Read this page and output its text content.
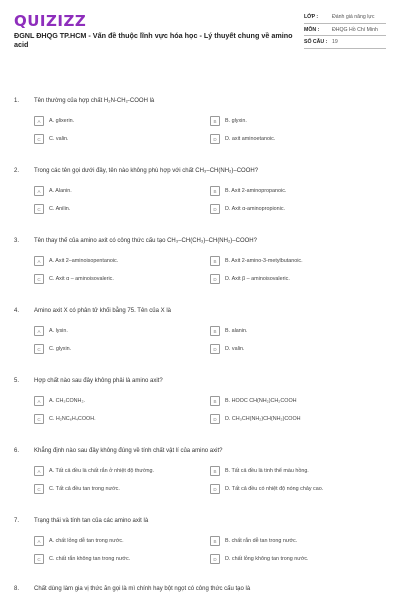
QUIZIZZ
ĐGNL ĐHQG TP.HCM - Vấn đề thuộc lĩnh vực hóa học - Lý thuyết chung về amino acid
LỚP :	Đánh giá năng lực
MÔN :	ĐHQG Hồ Chí Minh
SỐ CÂU : 19
1.	Tên thường của hợp chất H₂N-CH₂-COOH là
A	A. glixerin.	B	B. glyxin.
C	C. valin.	D	D. axit aminoetanoic.
2.	Trong các tên gọi dưới đây, tên nào không phù hợp với chất CH₃–CH(NH₂)–COOH?
A	A. Alanin.	B	B. Axit 2-aminopropanoic.
C	C. Anilin.	D	D. Axit α-aminopropionic.
3.	Tên thay thế của amino axit có công thức cấu tạo CH₃–CH(CH₃)–CH(NH₂)–COOH?
A	A. Axit 2–aminoisopentanoic.	B	B. Axit 2-amino-3-metylbutanoic.
C	C. Axit α – aminoisovaleric.	D	D. Axit β – aminoisovaleric.
4.	Amino axit X có phân tử khối bằng 75. Tên của X là
A	A. lysin.	B	B. alanin.
C	C. glyxin.	D	D. valin.
5.	Hợp chất nào sau đây không phải là amino axit?
A	A. CH₃CONH₂.	B	B. HOOC CH(NH₂)CH₂COOH
C	C. H₂NC₆H₄COOH.	D	D. CH₃CH(NH₂)CH(NH₂)COOH
6.	Khẳng định nào sau đây không đúng về tính chất vật lí của amino axit?
A	A. Tất cả đều là chất rắn ở nhiệt độ thường.	B	B. Tất cả đều là tinh thể màu hồng.
C	C. Tất cả đều tan trong nước.	D	D. Tất cả đều có nhiệt độ nóng chảy cao.
7.	Trạng thái và tính tan của các amino axit là
A	A. chất lỏng dễ tan trong nước.	B	B. chất rắn dễ tan trong nước.
C	C. chất rắn không tan trong nước.	D	D. chất lỏng không tan trong nước.
8.	Chất dùng làm gia vị thức ăn gọi là mì chính hay bột ngọt có công thức cấu tạo là
